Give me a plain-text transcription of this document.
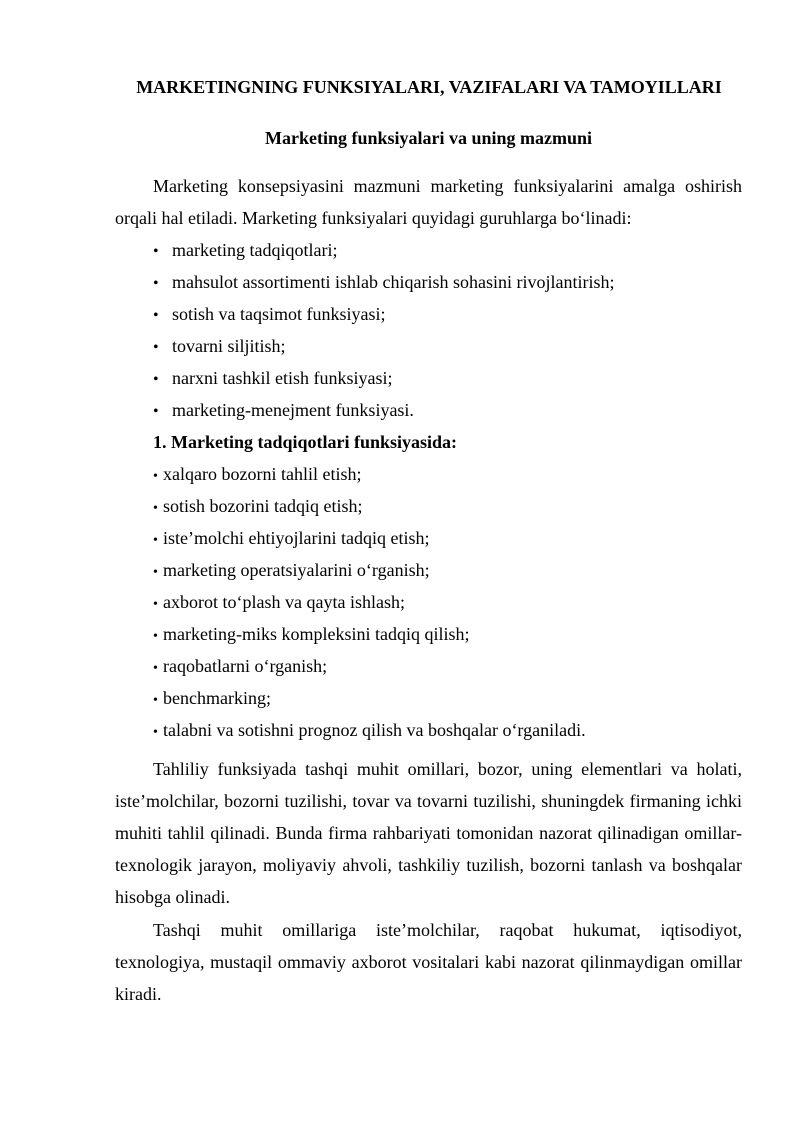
MARKETINGNING FUNKSIYALARI, VAZIFALARI VA TAMOYILLARI
Marketing funksiyalari va uning mazmuni

Marketing konsepsiyasini mazmuni marketing funksiyalarini amalga oshirish orqali hal etiladi. Marketing funksiyalari quyidagi guruhlarga bo‘linadi:

• marketing tadqiqotlari;
• mahsulot assortimenti ishlab chiqarish sohasini rivojlantirish;
• sotish va taqsimot funksiyasi;
• tovarni siljitish;
• narxni tashkil etish funksiyasi;
• marketing-menejment funksiyasi.
1. Marketing tadqiqotlari funksiyasida:
• xalqaro bozorni tahlil etish;
• sotish bozorini tadqiq etish;
• iste’molchi ehtiyojlarini tadqiq etish;
• marketing operatsiyalarini o‘rganish;
• axborot to‘plash va qayta ishlash;
• marketing-miks kompleksini tadqiq qilish;
• raqobatlarni o‘rganish;
• benchmarking;
• talabni va sotishni prognoz qilish va boshqalar o‘rganiladi.

Tahliliy funksiyada tashqi muhit omillari, bozor, uning elementlari va holati, iste’molchilar, bozorni tuzilishi, tovar va tovarni tuzilishi, shuningdek firmaning ichki muhiti tahlil qilinadi. Bunda firma rahbariyati tomonidan nazorat qilinadigan omillar- texnologik jarayon, moliyaviy ahvoli, tashkiliy tuzilish, bozorni tanlash va boshqalar hisobga olinadi.

Tashqi muhit omillariga iste’molchilar, raqobat hukumat, iqtisodiyot, texnologiya, mustaqil ommaviy axborot vositalari kabi nazorat qilinmaydigan omillar kiradi.
